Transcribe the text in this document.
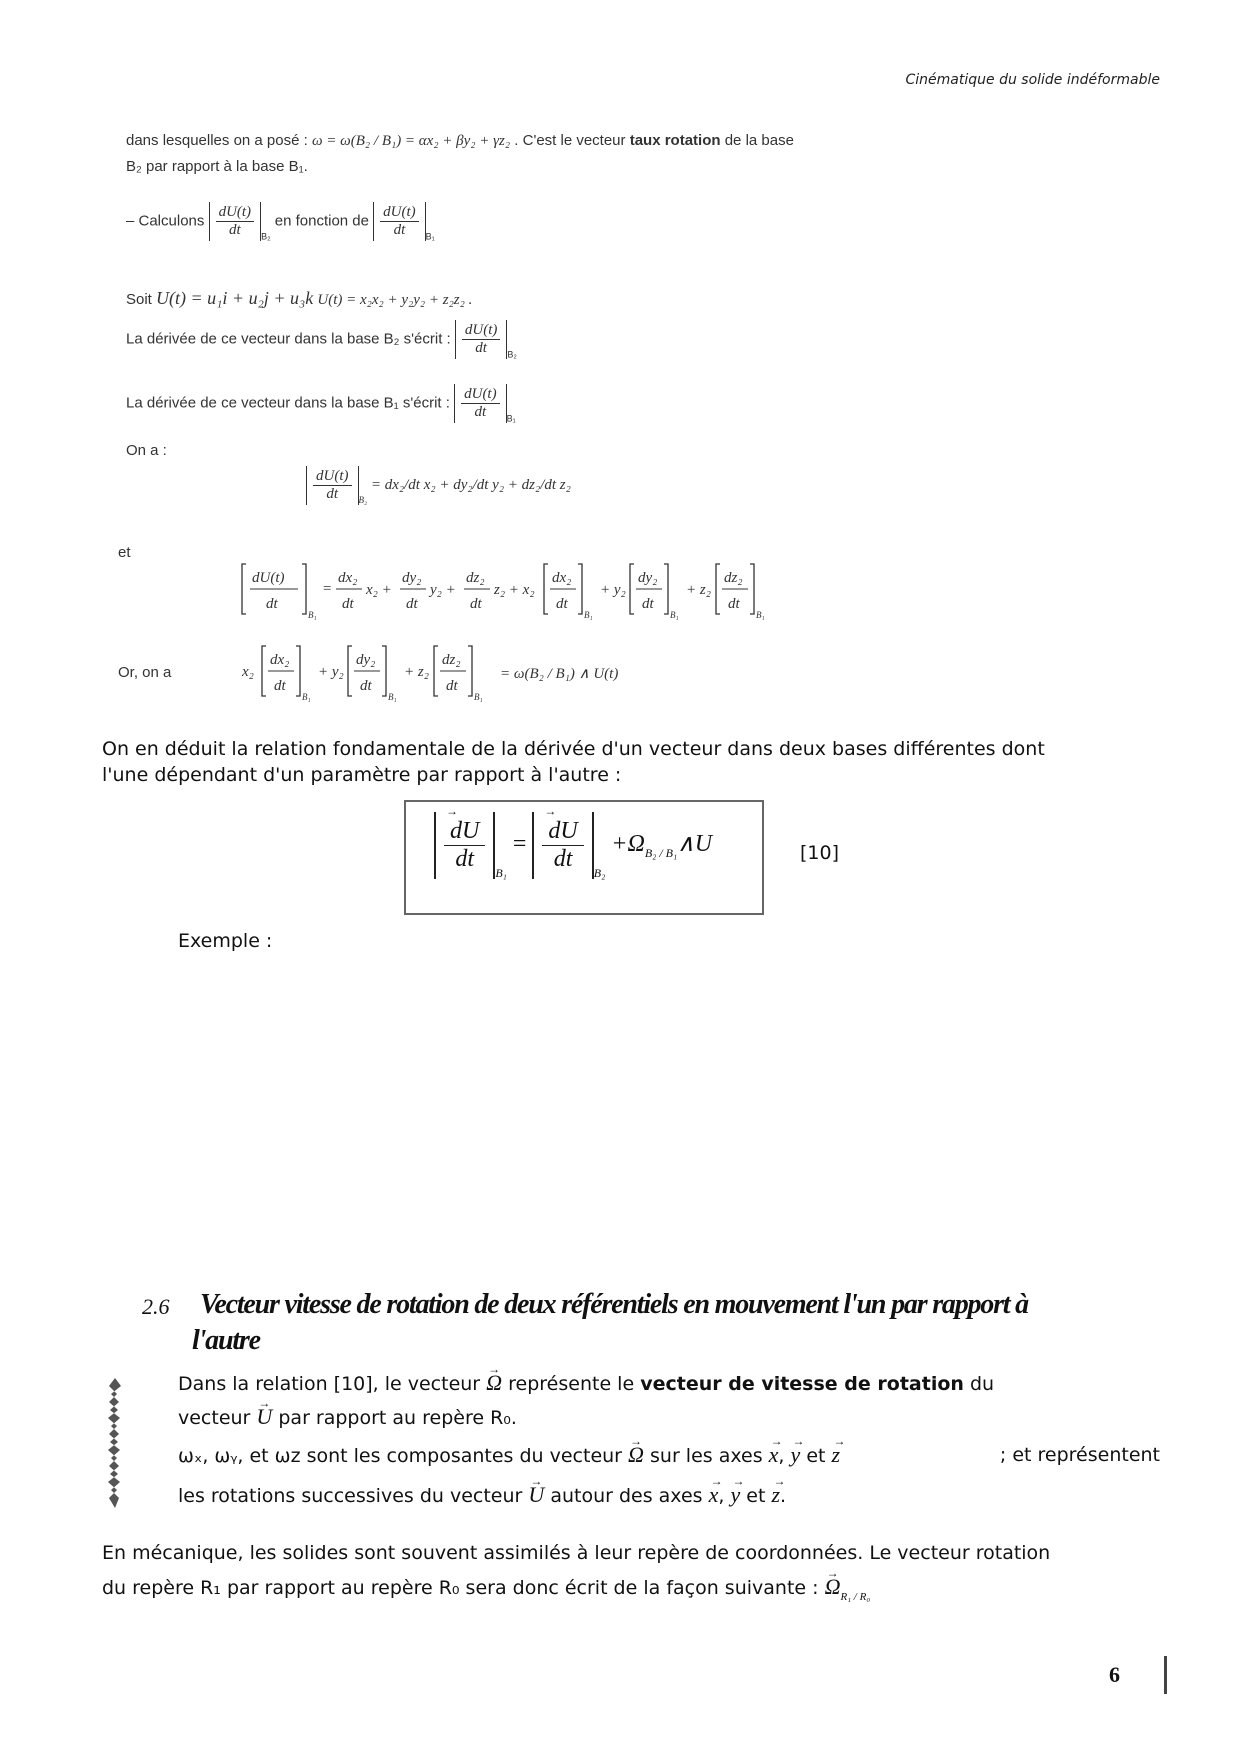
Cinématique du solide indéformable
dans lesquelles on a posé : ω = ω(B₂ / B₁) = αx₂ + βy₂ + γz₂ . C'est le vecteur taux rotation de la base
B₂ par rapport à la base B₁.
– Calculons $\frac{dU(t)}{dt} _{B_2}$ en fonction de $\frac{dU(t)}{dt} _{B_1}$
Soit U(t) = u₁i + u₂j + u₃k U(t) = x₂x₂ + y₂y₂ + z₂z₂ .
La dérivée de ce vecteur dans la base B₂ s'écrit : $\frac{dU(t)}{dt} _{B_2}$
La dérivée de ce vecteur dans la base B₁ s'écrit : $\frac{dU(t)}{dt} _{B_1}$
On a :
$\frac{dU(t)}{dt} _{B_2} = dx_2/dt$ x₂ + dy₂/dt y₂ + dz₂/dt z₂
et
dU(t)
dt
B₁
=
dx₂
dt
x₂ +
dy₂
dt
y₂ +
dz₂
dt
z₂ + x₂
dx₂
dt
B₁
+ y₂
dy₂
dt
B₁
+ z₂
dz₂
dt
B₁
Or, on a	x₂
dx₂
dt
B₁
+ y₂
dy₂
dt
B₁
+ z₂
dz₂
dt
B₁
= ω(B₂ / B₁) ∧ U(t)
On en déduit la relation fondamentale de la dérivée d'un vecteur dans deux bases différentes dont
l'une dépendant d'un paramètre par rapport à l'autre :
→ $\frac{dU}{dt}$
$_{B_1}$ = → $\frac{dU}{dt}$
$_{B_2} +\Omega_{B_2 / B_1}\wedge U$	[10]
Exemple :
2.6 Vecteur vitesse de rotation de deux référentiels en mouvement l'un par rapport à
l'autre
Dans la relation [10], le vecteur → Ω représente le vecteur de vitesse de rotation du
vecteur → U par rapport au repère R₀.
ωₓ, ωᵧ, et ωz sont les composantes du vecteur → Ω sur les axes → x, → y et → z	; et représentent
les rotations successives du vecteur → U autour des axes → x, → y et → z.
En mécanique, les solides sont souvent assimilés à leur repère de coordonnées. Le vecteur rotation
du repère R₁ par rapport au repère R₀ sera donc écrit de la façon suivante : → $\Omega_{R_1 / R_0}$
6
